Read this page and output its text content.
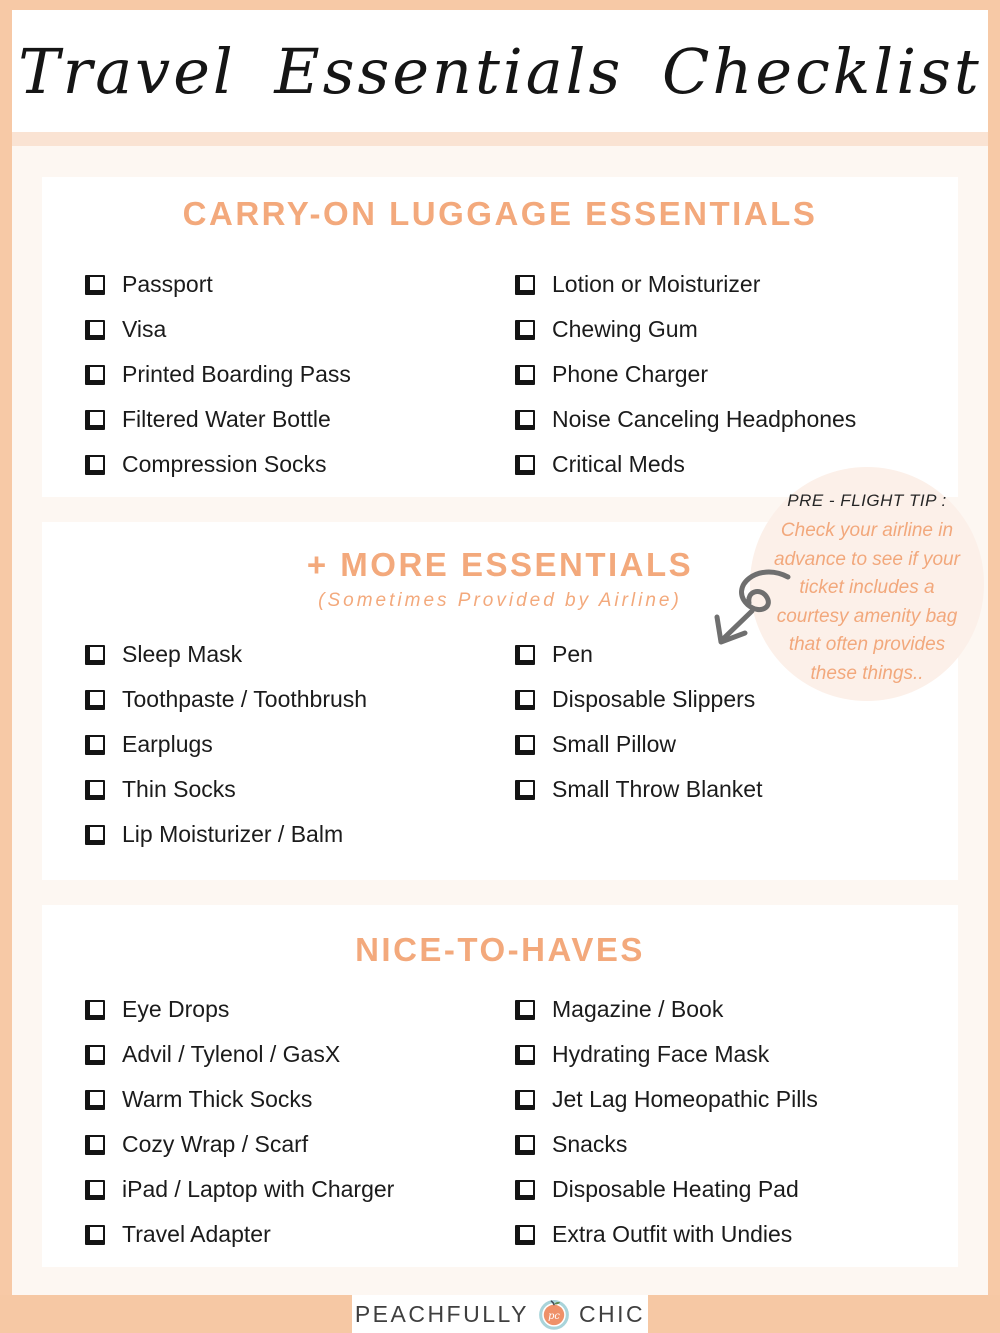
Travel Essentials Checklist
CARRY-ON LUGGAGE ESSENTIALS
Passport
Visa
Printed Boarding Pass
Filtered Water Bottle
Compression Socks
Lotion or Moisturizer
Chewing Gum
Phone Charger
Noise Canceling Headphones
Critical Meds
+ MORE ESSENTIALS

(Sometimes Provided by Airline)

Sleep Mask
Toothpaste / Toothbrush
Earplugs
Thin Socks
Lip Moisturizer / Balm
Pen
Disposable Slippers
Small Pillow
Small Throw Blanket
NICE-TO-HAVES
Eye Drops
Advil / Tylenol / GasX
Warm Thick Socks
Cozy Wrap / Scarf
iPad / Laptop with Charger
Travel Adapter
Magazine / Book
Hydrating Face Mask
Jet Lag Homeopathic Pills
Snacks
Disposable Heating Pad
Extra Outfit with Undies

PRE - FLIGHT TIP :

Check your airline in advance to see if your ticket includes a courtesy amenity bag that often provides these things..

PEACHFULLY pc CHIC
